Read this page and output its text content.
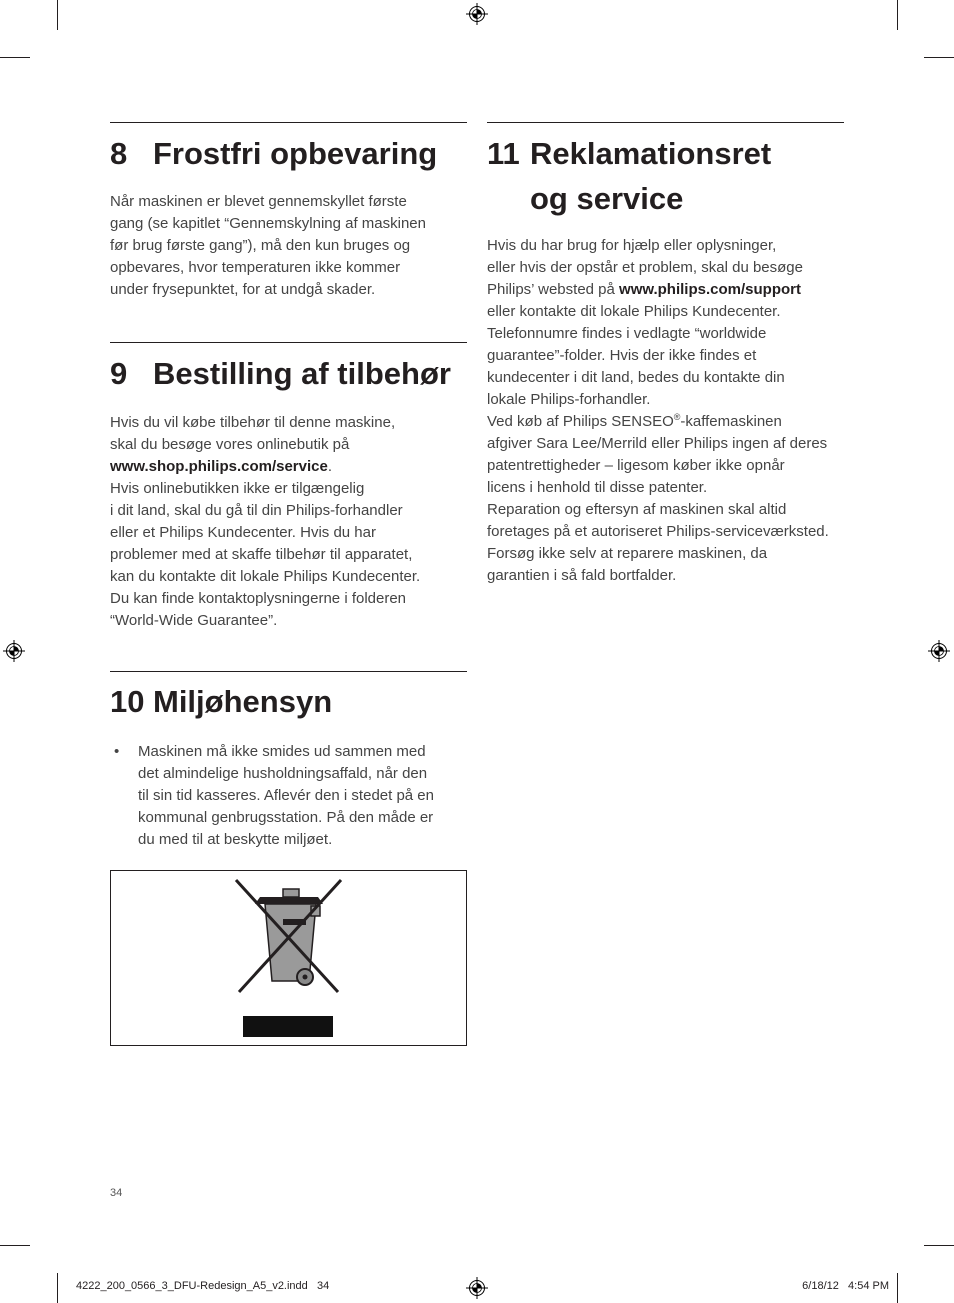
8 Frostfri opbevaring
Når maskinen er blevet gennemskyllet første
gang (se kapitlet “Gennemskylning af maskinen
før brug første gang”), må den kun bruges og
opbevares, hvor temperaturen ikke kommer
under frysepunktet, for at undgå skader.
9 Bestilling af tilbehør
Hvis du vil købe tilbehør til denne maskine,
skal du besøge vores onlinebutik på
www.shop.philips.com/service.
Hvis onlinebutikken ikke er tilgængelig
i dit land, skal du gå til din Philips-forhandler
eller et Philips Kundecenter. Hvis du har
problemer med at skaffe tilbehør til apparatet,
kan du kontakte dit lokale Philips Kundecenter.
Du kan finde kontaktoplysningerne i folderen
“World-Wide Guarantee”.
10 Miljøhensyn
• Maskinen må ikke smides ud sammen med
det almindelige husholdningsaffald, når den
til sin tid kasseres. Aflevér den i stedet på en
kommunal genbrugsstation. På den måde er
du med til at beskytte miljøet.
11 Reklamationsret
og service
Hvis du har brug for hjælp eller oplysninger,
eller hvis der opstår et problem, skal du besøge
Philips’ websted på www.philips.com/support
eller kontakte dit lokale Philips Kundecenter.
Telefonnumre findes i vedlagte “worldwide
guarantee”-folder. Hvis der ikke findes et
kundecenter i dit land, bedes du kontakte din
lokale Philips-forhandler.
Ved køb af Philips SENSEO®-kaffemaskinen
afgiver Sara Lee/Merrild eller Philips ingen af deres
patentrettigheder – ligesom køber ikke opnår
licens i henhold til disse patenter.
Reparation og eftersyn af maskinen skal altid
foretages på et autoriseret Philips-serviceværksted.
Forsøg ikke selv at reparere maskinen, da
garantien i så fald bortfalder.
34
4222_200_0566_3_DFU-Redesign_A5_v2.indd   34	6/18/12   4:54 PM
